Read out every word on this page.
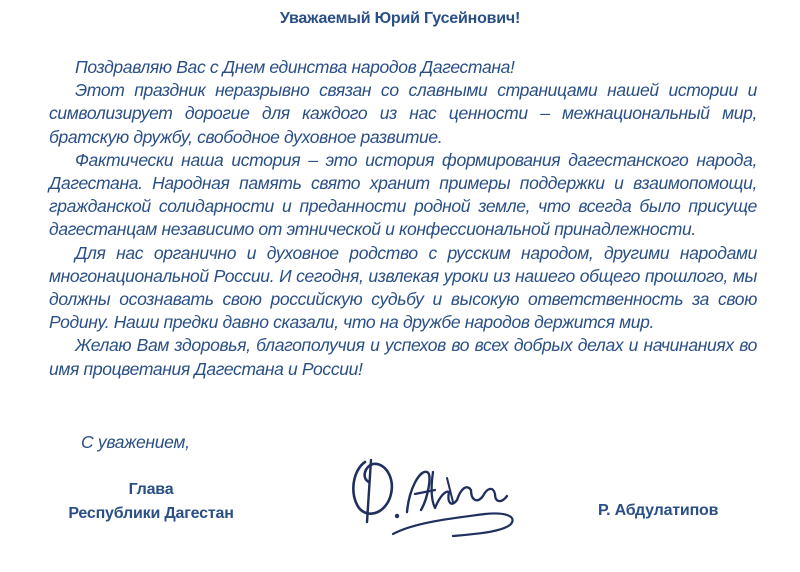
Уважаемый Юрий Гусейнович!

Поздравляю Вас с Днем единства народов Дагестана!

Этот праздник неразрывно связан со славными страницами нашей истории и символизирует дорогие для каждого из нас ценности – межнациональный мир, братскую дружбу, свободное духовное развитие.

Фактически наша история – это история формирования дагестанского народа, Дагестана. Народная память свято хранит примеры поддержки и взаимопомощи, гражданской солидарности и преданности родной земле, что всегда было присуще дагестанцам независимо от этнической и конфессиональной принадлежности.

Для нас органично и духовное родство с русским народом, другими народами многонациональной России. И сегодня, извлекая уроки из нашего общего прошлого, мы должны осознавать свою российскую судьбу и высокую ответственность за свою Родину. Наши предки давно сказали, что на дружбе народов держится мир.

Желаю Вам здоровья, благополучия и успехов во всех добрых делах и начинаниях во имя процветания Дагестана и России!

С уважением,
Глава
Республики Дагестан	Р. Абдулатипов
